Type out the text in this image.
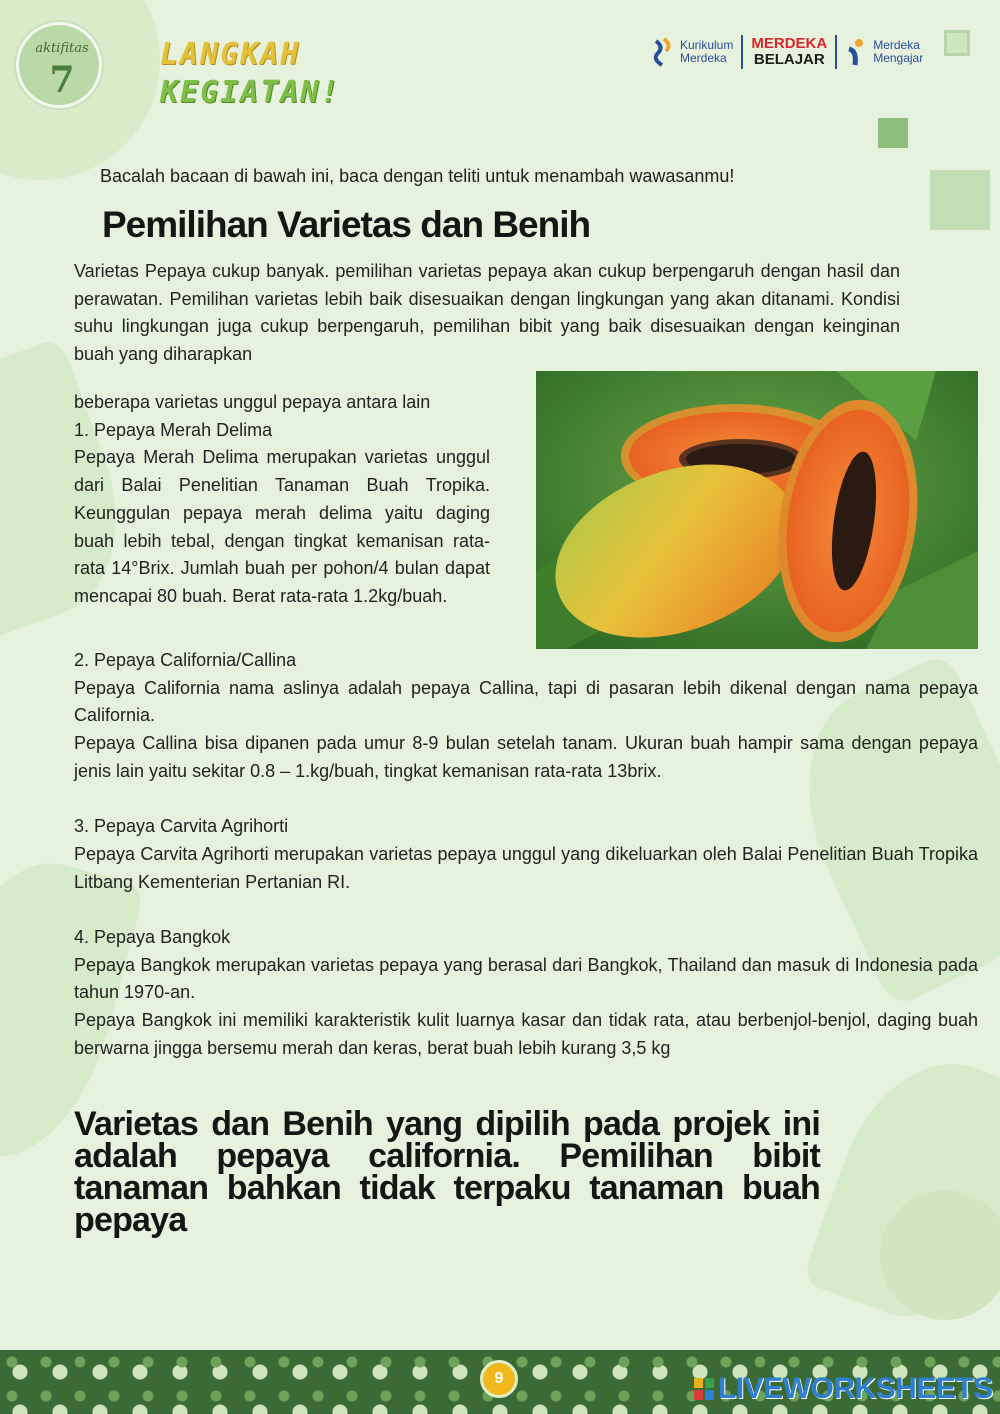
aktifitas
7
LANGKAH
KEGIATAN!
Kurikulum
Merdeka
MERDEKA
BELAJAR
Merdeka
Mengajar
Bacalah bacaan di bawah ini, baca dengan teliti untuk menambah wawasanmu!
Pemilihan Varietas dan Benih
Varietas Pepaya cukup banyak. pemilihan varietas pepaya akan cukup berpengaruh dengan hasil dan perawatan. Pemilihan varietas lebih baik disesuaikan dengan lingkungan yang akan ditanami. Kondisi suhu lingkungan juga cukup berpengaruh, pemilihan bibit yang baik disesuaikan dengan keinginan buah yang diharapkan
beberapa varietas unggul pepaya antara lain
1. Pepaya Merah Delima
Pepaya Merah Delima merupakan varietas unggul dari Balai Penelitian Tanaman Buah Tropika. Keunggulan pepaya merah delima yaitu daging buah lebih tebal, dengan tingkat kemanisan rata-rata 14°Brix. Jumlah buah per pohon/4 bulan dapat mencapai 80 buah. Berat rata-rata 1.2kg/buah.
2. Pepaya California/Callina
Pepaya California nama aslinya adalah pepaya Callina, tapi di pasaran lebih dikenal dengan nama pepaya California.
Pepaya Callina bisa dipanen pada umur 8-9 bulan setelah tanam. Ukuran buah hampir sama dengan pepaya jenis lain yaitu sekitar 0.8 – 1.kg/buah, tingkat kemanisan rata-rata 13brix.
3. Pepaya Carvita Agrihorti
Pepaya Carvita Agrihorti merupakan varietas pepaya unggul yang dikeluarkan oleh Balai Penelitian Buah Tropika Litbang Kementerian Pertanian RI.
4. Pepaya Bangkok
Pepaya Bangkok merupakan varietas pepaya yang berasal dari Bangkok, Thailand dan masuk di Indonesia pada tahun 1970-an.
Pepaya Bangkok ini memiliki karakteristik kulit luarnya kasar dan tidak rata, atau berbenjol-benjol, daging buah berwarna jingga bersemu merah dan keras, berat buah lebih kurang 3,5 kg
Varietas dan Benih yang dipilih pada projek ini adalah pepaya california. Pemilihan bibit tanaman bahkan tidak terpaku tanaman buah pepaya
9	LIVEWORKSHEETS
